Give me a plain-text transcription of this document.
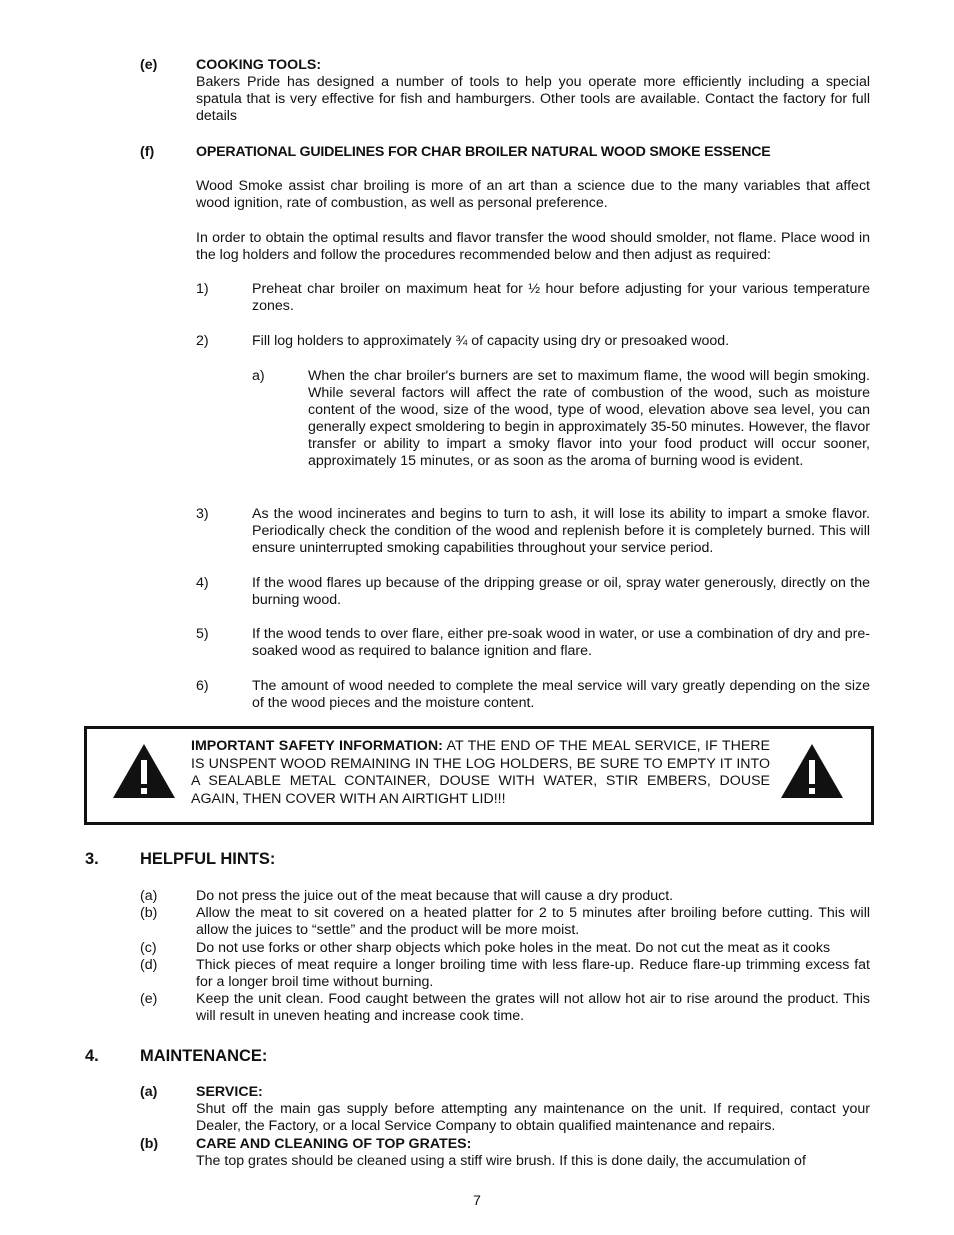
(e)	COOKING TOOLS:
Bakers Pride has designed a number of tools to help you operate more efficiently including a special spatula that is very effective for fish and hamburgers. Other tools are available. Contact the factory for full details
(f)	OPERATIONAL GUIDELINES FOR CHAR BROILER NATURAL WOOD SMOKE ESSENCE
Wood Smoke assist char broiling is more of an art than a science due to the many variables that affect wood ignition, rate of combustion, as well as personal preference.
In order to obtain the optimal results and flavor transfer the wood should smolder, not flame. Place wood in the log holders and follow the procedures recommended below and then adjust as required:
1)	Preheat char broiler on maximum heat for ½ hour before adjusting for your various temperature zones.
2)	Fill log holders to approximately ¾ of capacity using dry or presoaked wood.
a)	When the char broiler's burners are set to maximum flame, the wood will begin smoking. While several factors will affect the rate of combustion of the wood, such as moisture content of the wood, size of the wood, type of wood, elevation above sea level, you can generally expect smoldering to begin in approximately 35-50 minutes. However, the flavor transfer or ability to impart a smoky flavor into your food product will occur sooner, approximately 15 minutes, or as soon as the aroma of burning wood is evident.
3)	As the wood incinerates and begins to turn to ash, it will lose its ability to impart a smoke flavor. Periodically check the condition of the wood and replenish before it is completely burned. This will ensure uninterrupted smoking capabilities throughout your service period.
4)	If the wood flares up because of the dripping grease or oil, spray water generously, directly on the burning wood.
5)	If the wood tends to over flare, either pre-soak wood in water, or use a combination of dry and pre-soaked wood as required to balance ignition and flare.
6)	The amount of wood needed to complete the meal service will vary greatly depending on the size of the wood pieces and the moisture content.
IMPORTANT SAFETY INFORMATION: AT THE END OF THE MEAL SERVICE, IF THERE IS UNSPENT WOOD REMAINING IN THE LOG HOLDERS, BE SURE TO EMPTY IT INTO A SEALABLE METAL CONTAINER, DOUSE WITH WATER, STIR EMBERS, DOUSE AGAIN, THEN COVER WITH AN AIRTIGHT LID!!!
3. HELPFUL HINTS:
(a)	Do not press the juice out of the meat because that will cause a dry product.
(b)	Allow the meat to sit covered on a heated platter for 2 to 5 minutes after broiling before cutting. This will allow the juices to “settle” and the product will be more moist.
(c)	Do not use forks or other sharp objects which poke holes in the meat. Do not cut the meat as it cooks
(d)	Thick pieces of meat require a longer broiling time with less flare-up. Reduce flare-up trimming excess fat for a longer broil time without burning.
(e)	Keep the unit clean. Food caught between the grates will not allow hot air to rise around the product. This will result in uneven heating and increase cook time.
4. MAINTENANCE:
(a)	SERVICE:
Shut off the main gas supply before attempting any maintenance on the unit. If required, contact your Dealer, the Factory, or a local Service Company to obtain qualified maintenance and repairs.
(b)	CARE AND CLEANING OF TOP GRATES:
The top grates should be cleaned using a stiff wire brush. If this is done daily, the accumulation of
7
